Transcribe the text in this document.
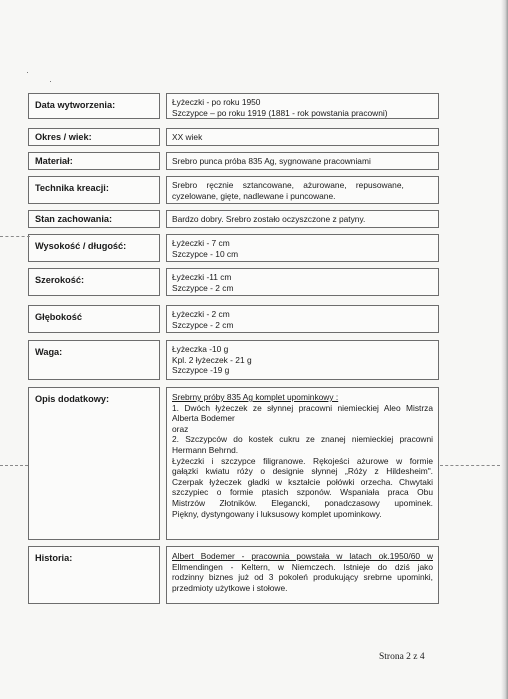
Data wytworzenia:	Łyżeczki - po roku 1950
Szczypce – po roku 1919 (1881 - rok powstania pracowni)
Okres / wiek:	XX wiek
Materiał:	Srebro punca próba 835 Ag, sygnowane pracowniami
Technika kreacji:	Srebro    ręcznie    sztancowane,    ażurowane,    repusowane,
cyzelowane, gięte, nadlewane i puncowane.
Stan zachowania:	Bardzo dobry. Srebro zostało oczyszczone z patyny.
Wysokość / długość:	Łyżeczki - 7 cm
Szczypce - 10 cm
Szerokość:	Łyżeczki -11 cm
Szczypce - 2 cm
Głębokość	Łyżeczki - 2 cm
Szczypce - 2 cm
Waga:	Łyżeczka -10 g
Kpl. 2 łyżeczek - 21 g
Szczypce -19 g
Opis dodatkowy:	Srebrny próby 835 Ag komplet upominkowy :
1. Dwóch łyżeczek ze słynnej pracowni niemieckiej Aleo Mistrza
Alberta Bodemer
oraz
2. Szczypców do kostek cukru ze znanej niemieckiej pracowni
Hermann Behrnd.
Łyżeczki i szczypce filigranowe. Rękojeści ażurowe w formie
gałązki kwiatu róży o designie słynnej „Róży z Hildesheim".
Czerpak łyżeczek gładki w kształcie połówki orzecha. Chwytaki
szczypiec o formie ptasich szponów. Wspaniała praca Obu
Mistrzów Złotników. Elegancki, ponadczasowy upominek.
Piękny, dystyngowany i luksusowy komplet upominkowy.
Historia:	Albert Bodemer - pracownia powstała w latach ok.1950/60 w
Ellmendingen - Keltern, w Niemczech. Istnieje do dziś jako
rodzinny biznes już od 3 pokoleń produkujący srebrne upominki,
przedmioty użytkowe i stołowe.
Strona 2 z 4
